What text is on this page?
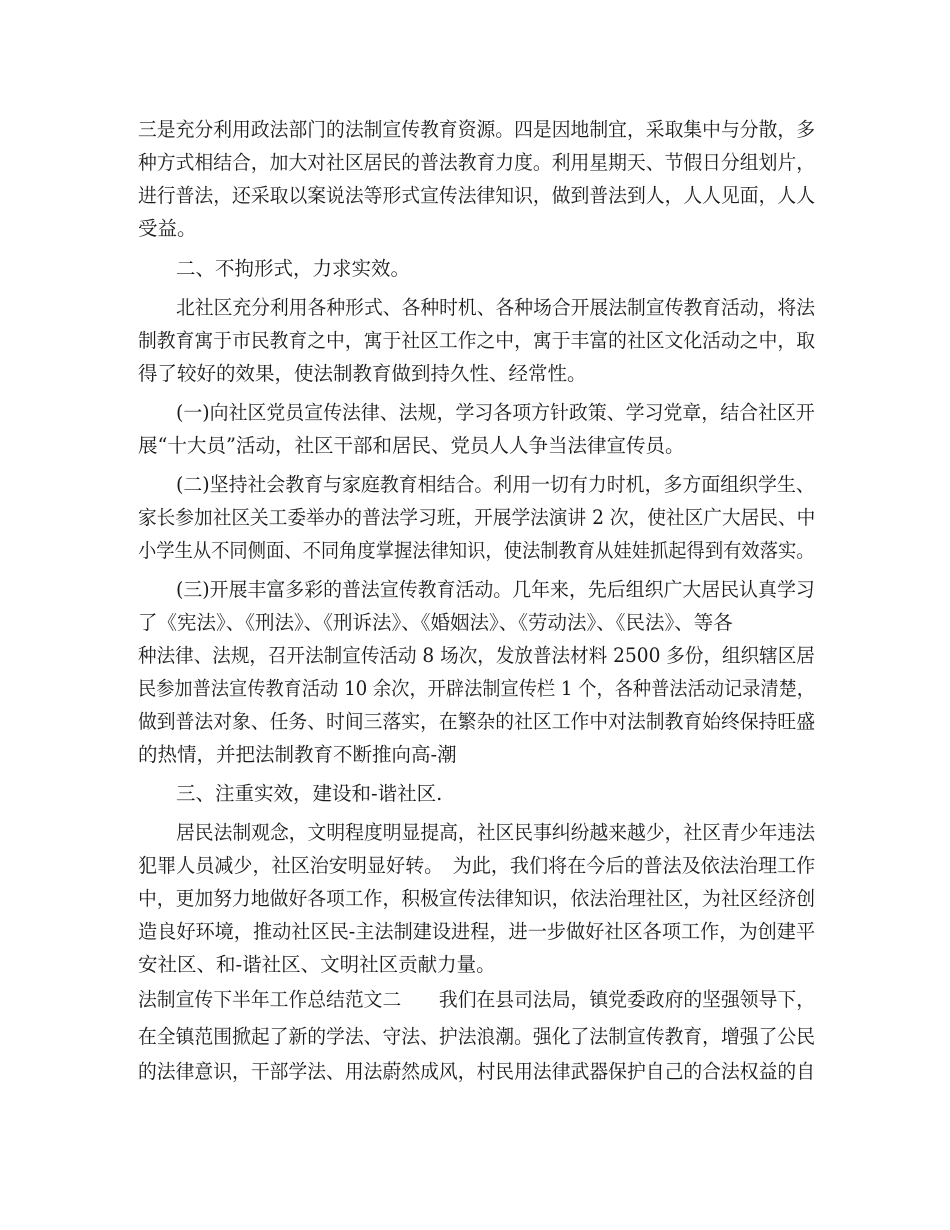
三是充分利用政法部门的法制宣传教育资源。四是因地制宜，采取集中与分散，多
种方式相结合，加大对社区居民的普法教育力度。利用星期天、节假日分组划片，
进行普法，还采取以案说法等形式宣传法律知识，做到普法到人，人人见面，人人
受益。
二、不拘形式，力求实效。
北社区充分利用各种形式、各种时机、各种场合开展法制宣传教育活动，将法
制教育寓于市民教育之中，寓于社区工作之中，寓于丰富的社区文化活动之中，取
得了较好的效果，使法制教育做到持久性、经常性。
(一)向社区党员宣传法律、法规，学习各项方针政策、学习党章，结合社区开
展“十大员”活动，社区干部和居民、党员人人争当法律宣传员。
(二)坚持社会教育与家庭教育相结合。利用一切有力时机，多方面组织学生、
家长参加社区关工委举办的普法学习班，开展学法演讲 2 次，使社区广大居民、中
小学生从不同侧面、不同角度掌握法律知识，使法制教育从娃娃抓起得到有效落实。
(三)开展丰富多彩的普法宣传教育活动。几年来，先后组织广大居民认真学习
了《宪法》、《刑法》、《刑诉法》、《婚姻法》、《劳动法》、《民法》、等各
种法律、法规，召开法制宣传活动 8 场次，发放普法材料 2500 多份，组织辖区居
民参加普法宣传教育活动 10 余次，开辟法制宣传栏 1 个，各种普法活动记录清楚，
做到普法对象、任务、时间三落实，在繁杂的社区工作中对法制教育始终保持旺盛
的热情，并把法制教育不断推向高-潮
三、注重实效，建设和-谐社区.
居民法制观念，文明程度明显提高，社区民事纠纷越来越少，社区青少年违法
犯罪人员减少，社区治安明显好转。　为此，我们将在今后的普法及依法治理工作
中，更加努力地做好各项工作，积极宣传法律知识，依法治理社区，为社区经济创
造良好环境，推动社区民-主法制建设进程，进一步做好社区各项工作，为创建平
安社区、和-谐社区、文明社区贡献力量。
法制宣传下半年工作总结范文二　　我们在县司法局，镇党委政府的坚强领导下，
在全镇范围掀起了新的学法、守法、护法浪潮。强化了法制宣传教育，增强了公民
的法律意识，干部学法、用法蔚然成风，村民用法律武器保护自己的合法权益的自
